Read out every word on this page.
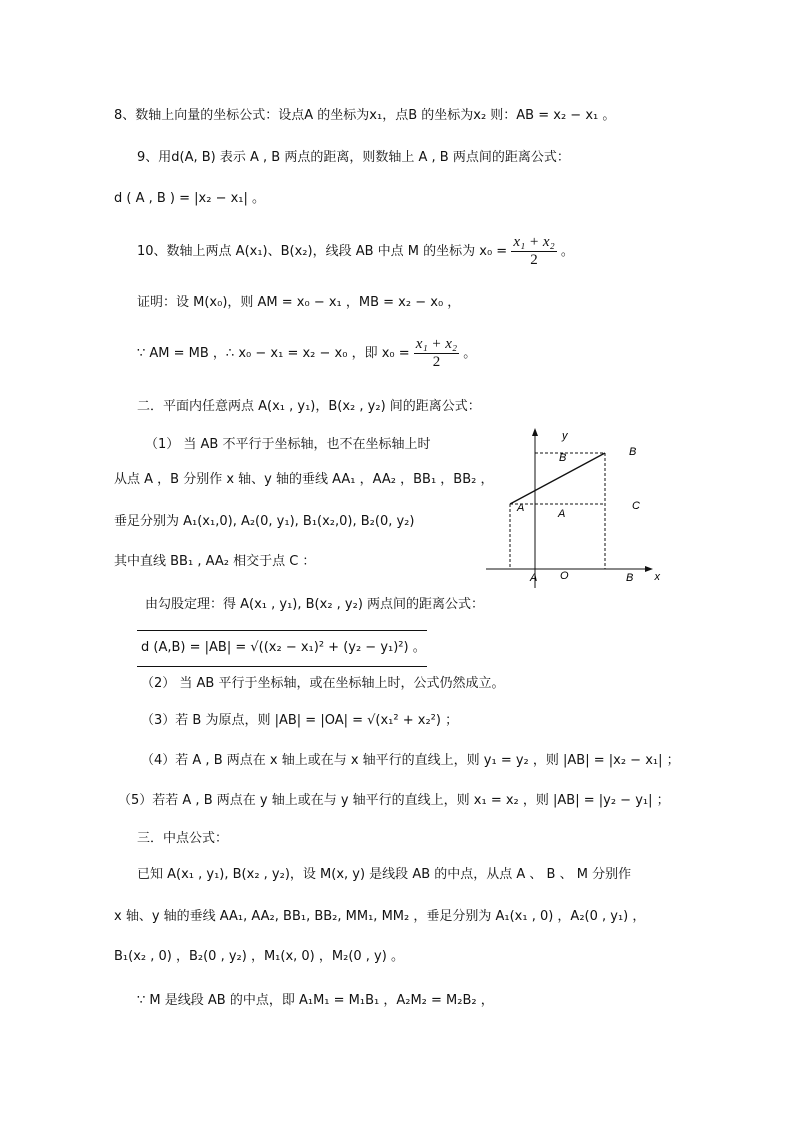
8、数轴上向量的坐标公式：设点A 的坐标为x₁，点B 的坐标为x₂ 则：AB = x₂ − x₁ 。
9、用d(A, B) 表示 A , B 两点的距离，则数轴上 A , B 两点间的距离公式：
d ( A , B ) = |x₂ − x₁| 。
10、数轴上两点 A(x₁)、B(x₂)，线段 AB 中点 M 的坐标为 $x_0 = \frac{\text{x₁ + x₂}}{2}$ 。
证明：设 M(x₀)，则 AM = x₀ − x₁ ，MB = x₂ − x₀ ，
∵ AM = MB ，∴ x₀ − x₁ = x₂ − x₀ ，即 $x_0 = \frac{\text{x₁ + x₂}}{2}$ 。
二．平面内任意两点 A(x₁ , y₁)，B(x₂ , y₂) 间的距离公式：
（1） 当 AB 不平行于坐标轴，也不在坐标轴上时
从点 A ，B 分别作 x 轴、y 轴的垂线 AA₁ ，AA₂ ，BB₁ ，BB₂ ，
垂足分别为 A₁(x₁,0), A₂(0, y₁), B₁(x₂,0), B₂(0, y₂)
其中直线 BB₁ , AA₂ 相交于点 C ：
y
x
B	B
C
A	A
A O	B
由勾股定理：得 A(x₁ , y₁), B(x₂ , y₂) 两点间的距离公式：
d (A,B) = |AB| = √((x₂ − x₁)² + (y₂ − y₁)²) 。
（2） 当 AB 平行于坐标轴，或在坐标轴上时，公式仍然成立。
（3）若 B 为原点，则 |AB| = |OA| = √(x₁² + x₂²) ；
（4）若 A , B 两点在 x 轴上或在与 x 轴平行的直线上，则 y₁ = y₂ ，则 |AB| = |x₂ − x₁| ；
（5）若若 A , B 两点在 y 轴上或在与 y 轴平行的直线上，则 x₁ = x₂ ，则 |AB| = |y₂ − y₁| ；
三．中点公式：
已知 A(x₁ , y₁), B(x₂ , y₂)，设 M(x, y) 是线段 AB 的中点，从点 A 、 B 、 M 分别作
x 轴、y 轴的垂线 AA₁, AA₂, BB₁, BB₂, MM₁, MM₂ ，垂足分别为 A₁(x₁ , 0) ，A₂(0 , y₁) ，
B₁(x₂ , 0) ，B₂(0 , y₂) ，M₁(x, 0) ，M₂(0 , y) 。
∵ M 是线段 AB 的中点，即 A₁M₁ = M₁B₁ ，A₂M₂ = M₂B₂ ，
